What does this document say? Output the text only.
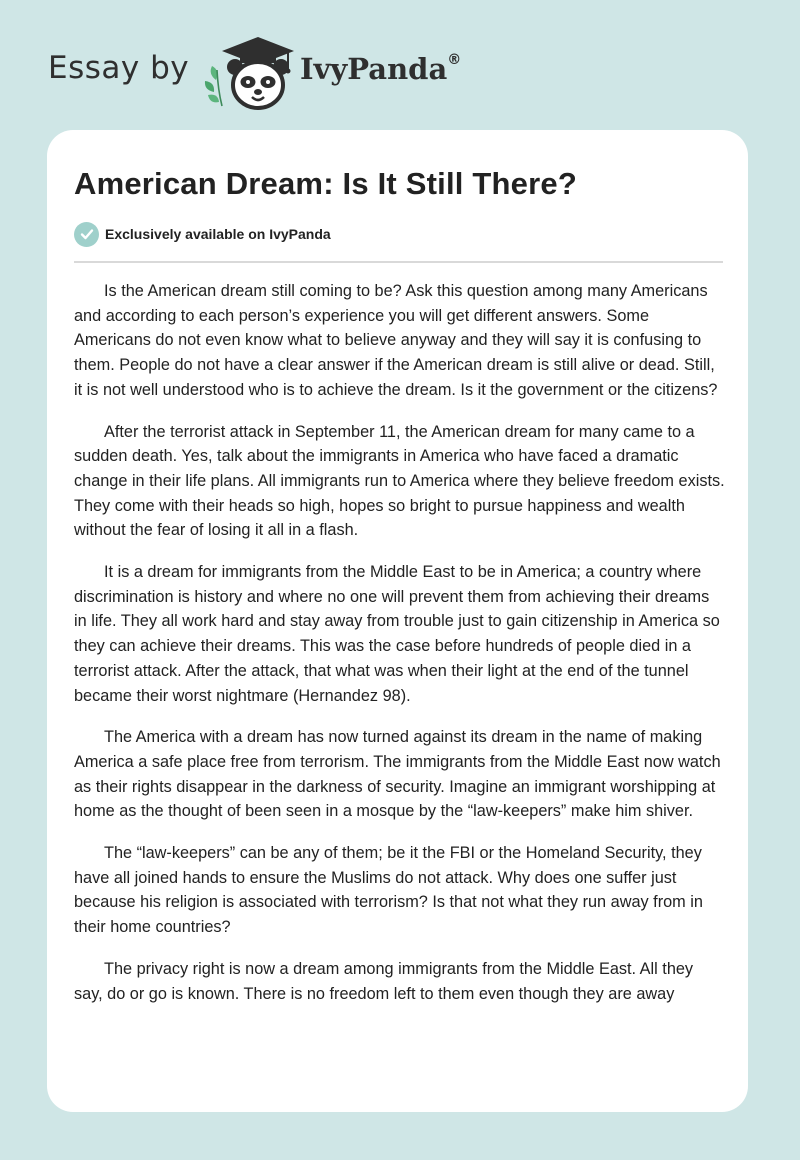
Essay by	IvyPanda®
American Dream: Is It Still There?
Exclusively available on IvyPanda

Is the American dream still coming to be? Ask this question among many Americans and according to each person’s experience you will get different answers. Some Americans do not even know what to believe anyway and they will say it is confusing to them. People do not have a clear answer if the American dream is still alive or dead. Still, it is not well understood who is to achieve the dream. Is it the government or the citizens?

After the terrorist attack in September 11, the American dream for many came to a sudden death. Yes, talk about the immigrants in America who have faced a dramatic change in their life plans. All immigrants run to America where they believe freedom exists. They come with their heads so high, hopes so bright to pursue happiness and wealth without the fear of losing it all in a flash.

It is a dream for immigrants from the Middle East to be in America; a country where discrimination is history and where no one will prevent them from achieving their dreams in life. They all work hard and stay away from trouble just to gain citizenship in America so they can achieve their dreams. This was the case before hundreds of people died in a terrorist attack. After the attack, that what was when their light at the end of the tunnel became their worst nightmare (Hernandez 98).

The America with a dream has now turned against its dream in the name of making America a safe place free from terrorism. The immigrants from the Middle East now watch as their rights disappear in the darkness of security. Imagine an immigrant worshipping at home as the thought of been seen in a mosque by the “law-keepers” make him shiver.

The “law-keepers” can be any of them; be it the FBI or the Homeland Security, they have all joined hands to ensure the Muslims do not attack. Why does one suffer just because his religion is associated with terrorism? Is that not what they run away from in their home countries?

The privacy right is now a dream among immigrants from the Middle East. All they say, do or go is known. There is no freedom left to them even though they are away
